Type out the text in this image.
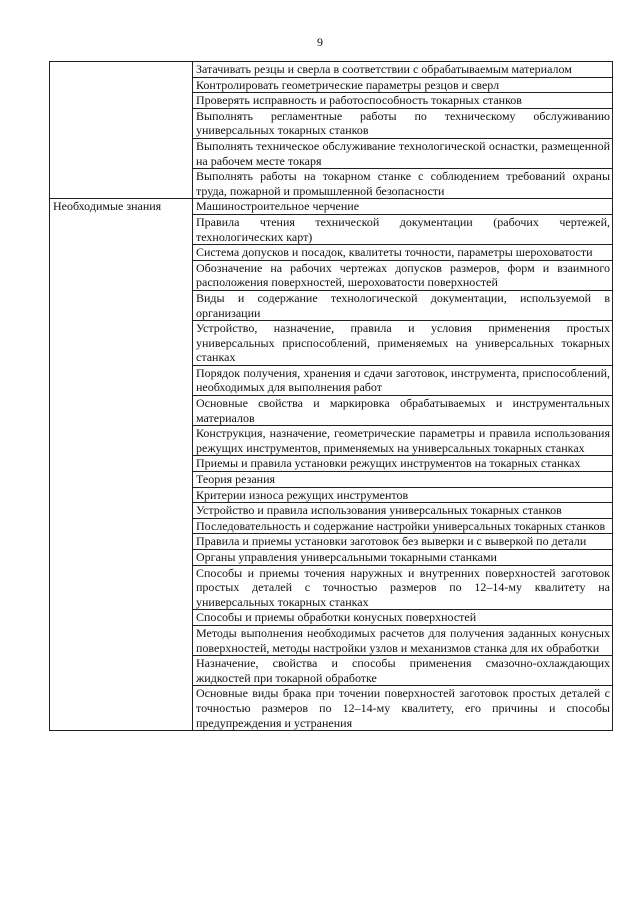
9
	Затачивать резцы и сверла в соответствии с обрабатываемым материалом
	Контролировать геометрические параметры резцов и сверл
	Проверять исправность и работоспособность токарных станков
	Выполнять регламентные работы по техническому обслуживанию универсальных токарных станков
	Выполнять техническое обслуживание технологической оснастки, размещенной на рабочем месте токаря
	Выполнять работы на токарном станке с соблюдением требований охраны труда, пожарной и промышленной безопасности
Необходимые знания	Машиностроительное черчение
	Правила чтения технической документации (рабочих чертежей, технологических карт)
	Система допусков и посадок, квалитеты точности, параметры шероховатости
	Обозначение на рабочих чертежах допусков размеров, форм и взаимного расположения поверхностей, шероховатости поверхностей
	Виды и содержание технологической документации, используемой в организации
	Устройство, назначение, правила и условия применения простых универсальных приспособлений, применяемых на универсальных токарных станках
	Порядок получения, хранения и сдачи заготовок, инструмента, приспособлений, необходимых для выполнения работ
	Основные свойства и маркировка обрабатываемых и инструментальных материалов
	Конструкция, назначение, геометрические параметры и правила использования режущих инструментов, применяемых на универсальных токарных станках
	Приемы и правила установки режущих инструментов на токарных станках
	Теория резания
	Критерии износа режущих инструментов
	Устройство и правила использования универсальных токарных станков
	Последовательность и содержание настройки универсальных токарных станков
	Правила и приемы установки заготовок без выверки и с выверкой по детали
	Органы управления универсальными токарными станками
	Способы и приемы точения наружных и внутренних поверхностей заготовок простых деталей с точностью размеров по 12–14-му квалитету на универсальных токарных станках
	Способы и приемы обработки конусных поверхностей
	Методы выполнения необходимых расчетов для получения заданных конусных поверхностей, методы настройки узлов и механизмов станка для их обработки
	Назначение, свойства и способы применения смазочно-охлаждающих жидкостей при токарной обработке
	Основные виды брака при точении поверхностей заготовок простых деталей с точностью размеров по 12–14-му квалитету, его причины и способы предупреждения и устранения
